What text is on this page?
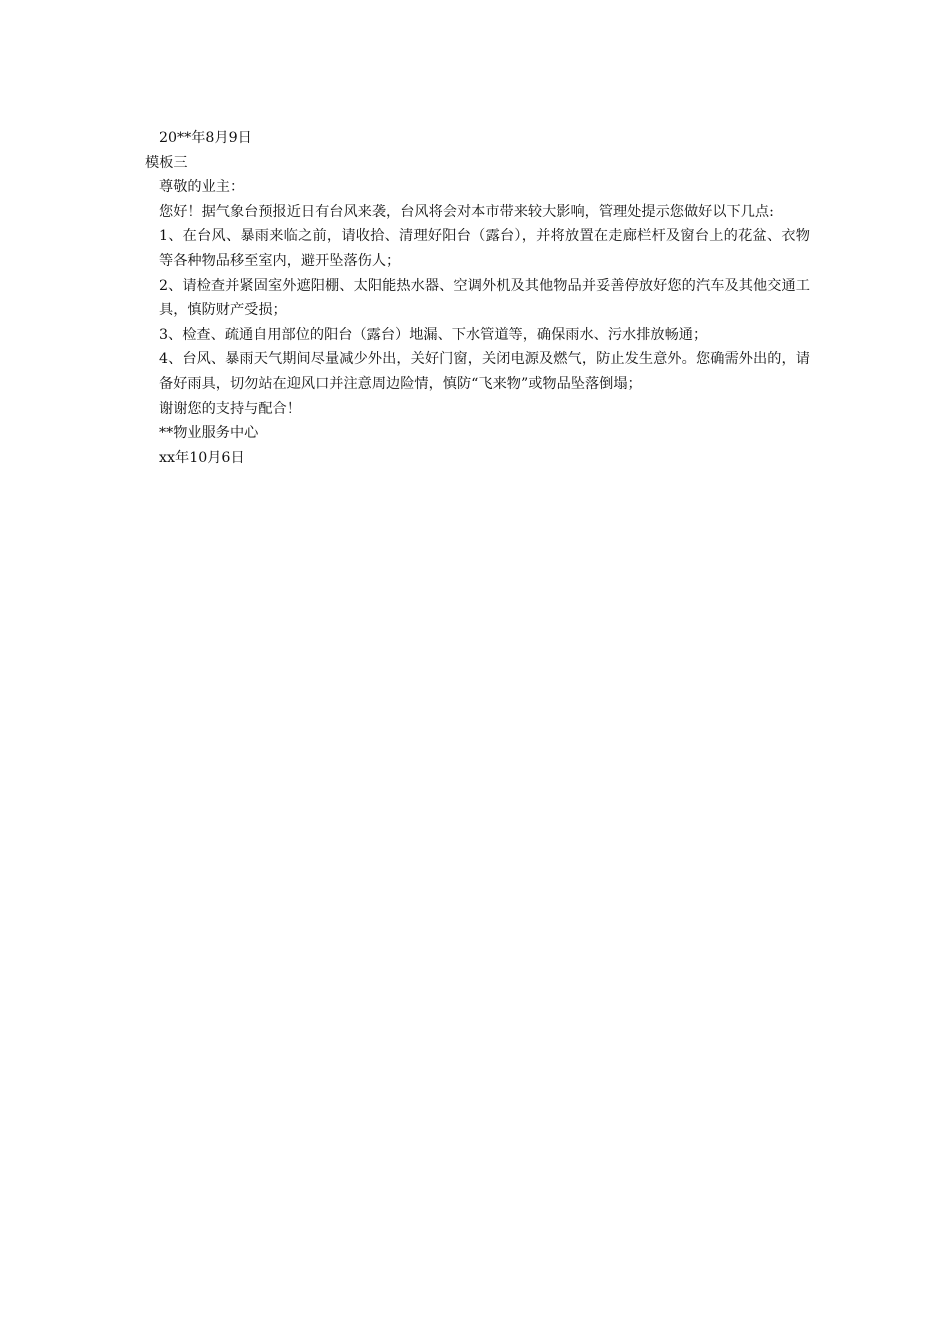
20**年8月9日

模板三

尊敬的业主：

您好！据气象台预报近日有台风来袭，台风将会对本市带来较大影响，管理处提示您做好以下几点:

1、在台风、暴雨来临之前，请收拾、清理好阳台（露台），并将放置在走廊栏杆及窗台上的花盆、衣物等各种物品移至室内，避开坠落伤人；

2、请检查并紧固室外遮阳棚、太阳能热水器、空调外机及其他物品并妥善停放好您的汽车及其他交通工具，慎防财产受损；

3、检查、疏通自用部位的阳台（露台）地漏、下水管道等，确保雨水、污水排放畅通；

4、台风、暴雨天气期间尽量减少外出，关好门窗，关闭电源及燃气，防止发生意外。您确需外出的，请备好雨具，切勿站在迎风口并注意周边险情，慎防“飞来物”或物品坠落倒塌；

谢谢您的支持与配合！

**物业服务中心

xx年10月6日
